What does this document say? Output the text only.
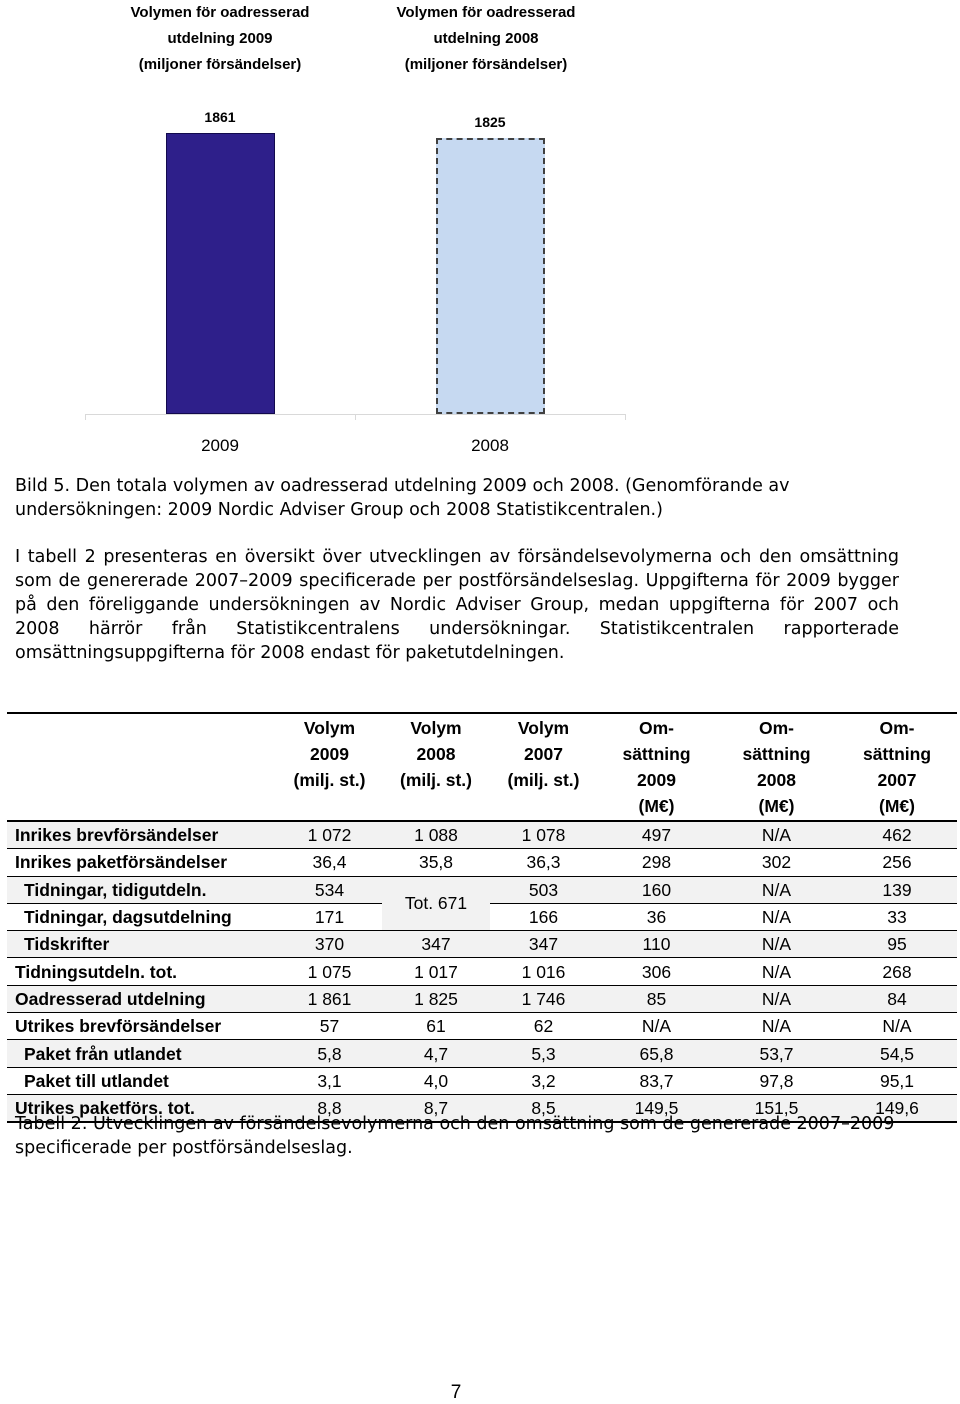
Volymen för oadresserad
utdelning 2009
(miljoner försändelser)
Volymen för oadresserad
utdelning 2008
(miljoner försändelser)
1861	1825
2009	2008

Bild 5. Den totala volymen av oadresserad utdelning 2009 och 2008. (Genomförande av undersökningen: 2009 Nordic Adviser Group och 2008 Statistikcentralen.)

I tabell 2 presenteras en översikt över utvecklingen av försändelsevolymerna och den omsättning som de genererade 2007–2009 specificerade per postförsändelseslag. Uppgifterna för 2009 bygger på den föreliggande undersökningen av Nordic Adviser Group, medan uppgifterna för 2007 och 2008 härrör från Statistikcentralens undersökningar. Statistikcentralen rapporterade omsättningsuppgifterna för 2008 endast för paketutdelningen.

	Volym
2009
(milj. st.)	Volym
2008
(milj. st.)	Volym
2007
(milj. st.)	Om-
sättning
2009
(M€)	Om-
sättning
2008
(M€)	Om-
sättning
2007
(M€)
Inrikes brevförsändelser	1 072	1 088	1 078	497	N/A	462
Inrikes paketförsändelser	36,4	35,8	36,3	298	302	256
Tidningar, tidigutdeln.	534	Tot. 671	503	160	N/A	139
Tidningar, dagsutdelning	171		166	36	N/A	33
Tidskrifter	370	347	347	110	N/A	95
Tidningsutdeln. tot.	1 075	1 017	1 016	306	N/A	268
Oadresserad utdelning	1 861	1 825	1 746	85	N/A	84
Utrikes brevförsändelser	57	61	62	N/A	N/A	N/A
Paket från utlandet	5,8	4,7	5,3	65,8	53,7	54,5
Paket till utlandet	3,1	4,0	3,2	83,7	97,8	95,1
Utrikes paketförs. tot.	8,8	8,7	8,5	149,5	151,5	149,6

Tabell 2. Utvecklingen av försändelsevolymerna och den omsättning som de genererade 2007–2009 specificerade per postförsändelseslag.

7
